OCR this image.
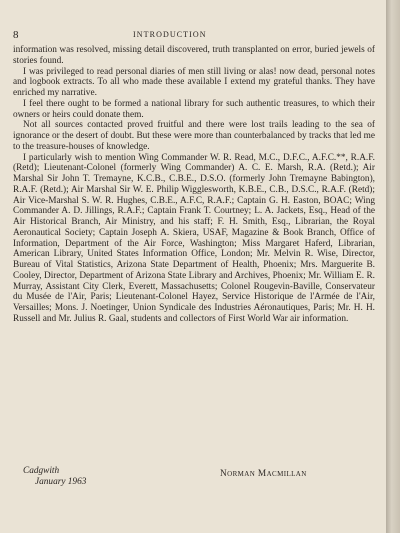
8	INTRODUCTION

information was resolved, missing detail discovered, truth transplanted on error, buried jewels of stories found.

I was privileged to read personal diaries of men still living or alas! now dead, personal notes and logbook extracts. To all who made these available I extend my grateful thanks. They have enriched my narrative.

I feel there ought to be formed a national library for such authentic treasures, to which their owners or heirs could donate them.

Not all sources contacted proved fruitful and there were lost trails leading to the sea of ignorance or the desert of doubt. But these were more than counterbalanced by tracks that led me to the treasure-houses of knowledge.

I particularly wish to mention Wing Commander W. R. Read, M.C., D.F.C., A.F.C.**, R.A.F. (Retd); Lieutenant-Colonel (formerly Wing Commander) A. C. E. Marsh, R.A. (Retd.); Air Marshal Sir John T. Tremayne, K.C.B., C.B.E., D.S.O. (formerly John Tremayne Babington), R.A.F. (Retd.); Air Marshal Sir W. E. Philip Wigglesworth, K.B.E., C.B., D.S.C., R.A.F. (Retd); Air Vice-Marshal S. W. R. Hughes, C.B.E., A.F.C, R.A.F.; Captain G. H. Easton, BOAC; Wing Commander A. D. Jillings, R.A.F.; Captain Frank T. Courtney; L. A. Jackets, Esq., Head of the Air Historical Branch, Air Ministry, and his staff; F. H. Smith, Esq., Librarian, the Royal Aeronautical Society; Captain Joseph A. Skiera, USAF, Magazine & Book Branch, Office of Information, Department of the Air Force, Washington; Miss Margaret Haferd, Librarian, American Library, United States Information Office, London; Mr. Melvin R. Wise, Director, Bureau of Vital Statistics, Arizona State Department of Health, Phoenix; Mrs. Marguerite B. Cooley, Director, Department of Arizona State Library and Archives, Phoenix; Mr. William E. R. Murray, Assistant City Clerk, Everett, Massachusetts; Colonel Rougevin-Baville, Conservateur du Musée de l'Air, Paris; Lieutenant-Colonel Hayez, Service Historique de l'Armée de l'Air, Versailles; Mons. J. Noetinger, Union Syndicale des Industries Aéronautiques, Paris; Mr. H. H. Russell and Mr. Julius R. Gaal, students and collectors of First World War air information.

Cadgwith
January 1963
Norman Macmillan
